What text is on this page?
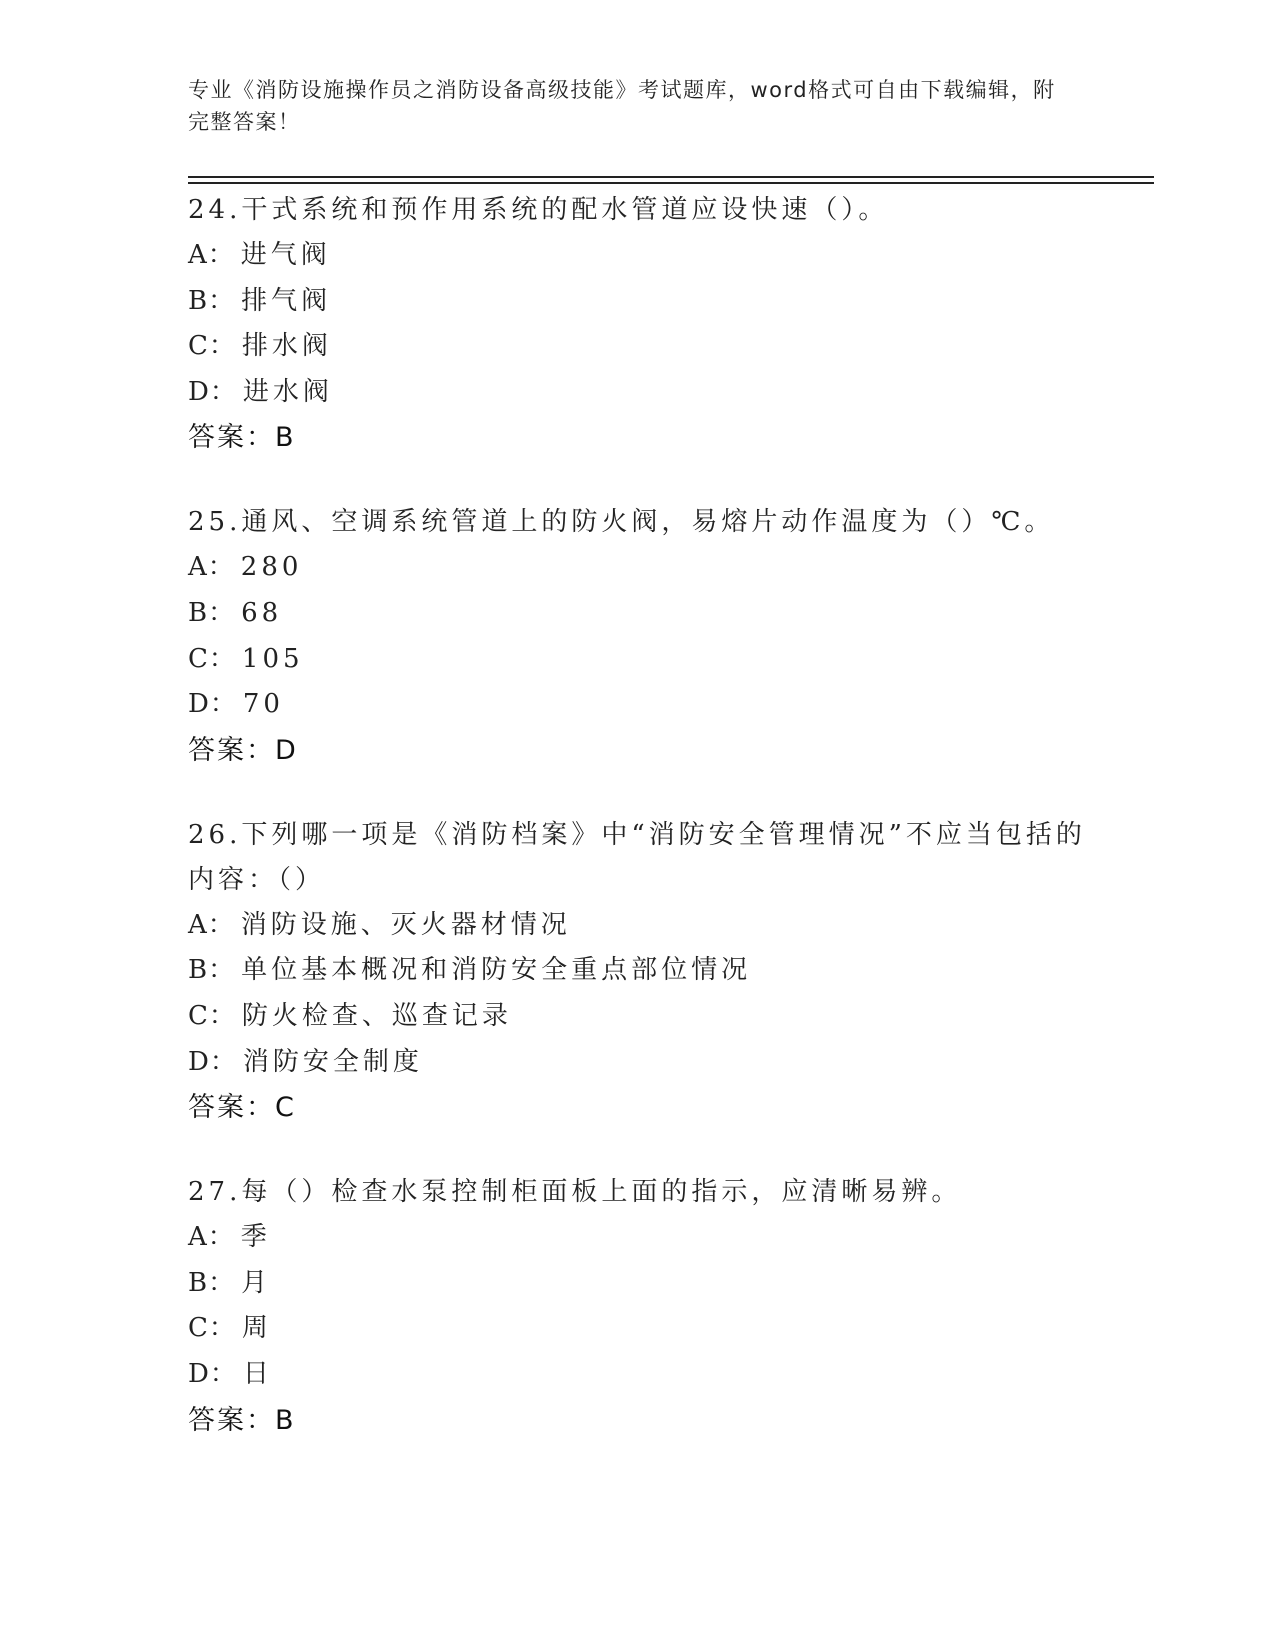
专业《消防设施操作员之消防设备高级技能》考试题库，word格式可自由下载编辑，附完整答案！

24.干式系统和预作用系统的配水管道应设快速（）。

A： 进气阀

B： 排气阀

C： 排水阀

D： 进水阀

答案：B

25.通风、空调系统管道上的防火阀，易熔片动作温度为（）℃。

A： 280

B： 68

C： 105

D： 70

答案：D

26.下列哪一项是《消防档案》中“消防安全管理情况”不应当包括的内容：（）

A： 消防设施、灭火器材情况

B： 单位基本概况和消防安全重点部位情况

C： 防火检查、巡查记录

D： 消防安全制度

答案：C

27.每（）检查水泵控制柜面板上面的指示，应清晰易辨。

A： 季

B： 月

C： 周

D： 日

答案：B
